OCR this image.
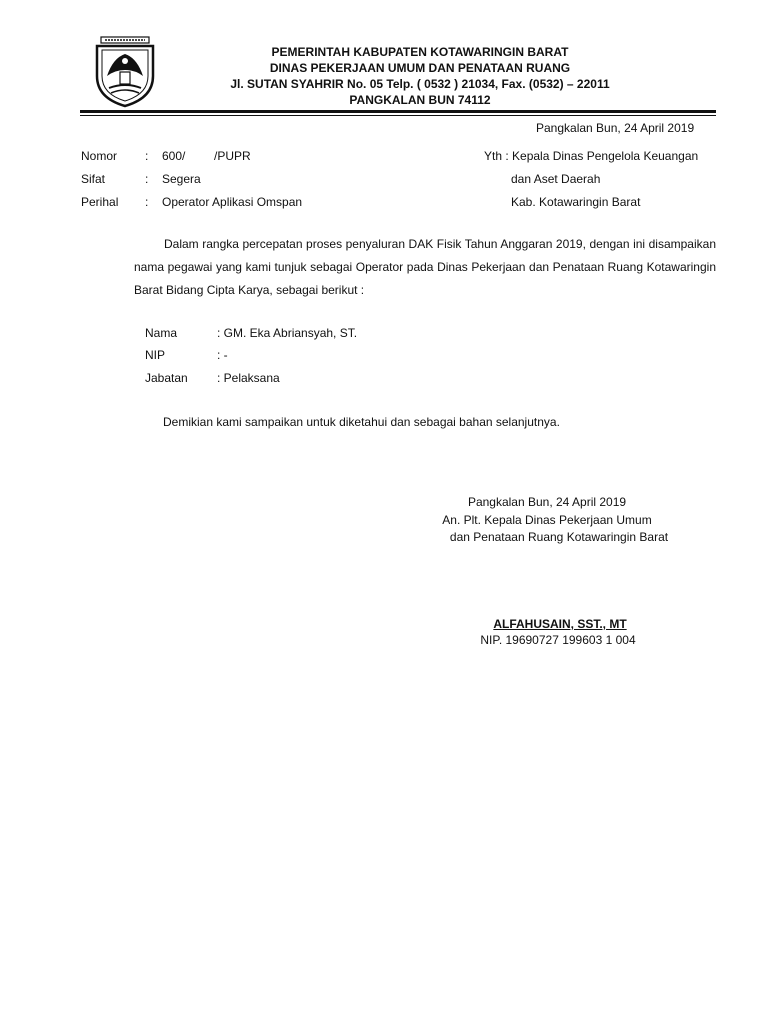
PEMERINTAH KABUPATEN KOTAWARINGIN BARAT
DINAS PEKERJAAN UMUM DAN PENATAAN RUANG
Jl. SUTAN SYAHRIR No. 05 Telp. ( 0532 ) 21034, Fax. (0532) – 22011
PANGKALAN BUN 74112
Pangkalan Bun, 24 April 2019
Nomor : 600/ /PUPR
Sifat	: Segera
Perihal : Operator Aplikasi Omspan
Yth : Kepala Dinas Pengelola Keuangan
dan Aset Daerah
Kab. Kotawaringin Barat
Dalam rangka percepatan proses penyaluran DAK Fisik Tahun Anggaran 2019, dengan ini disampaikan nama pegawai yang kami tunjuk sebagai Operator pada Dinas Pekerjaan dan Penataan Ruang Kotawaringin Barat Bidang Cipta Karya, sebagai berikut :
Nama	: GM. Eka Abriansyah, ST.
NIP	: -
Jabatan : Pelaksana
Demikian kami sampaikan untuk diketahui dan sebagai bahan selanjutnya.
Pangkalan Bun, 24 April 2019
An. Plt. Kepala Dinas Pekerjaan Umum
dan Penataan Ruang Kotawaringin Barat
ALFAHUSAIN, SST., MT
NIP. 19690727 199603 1 004
